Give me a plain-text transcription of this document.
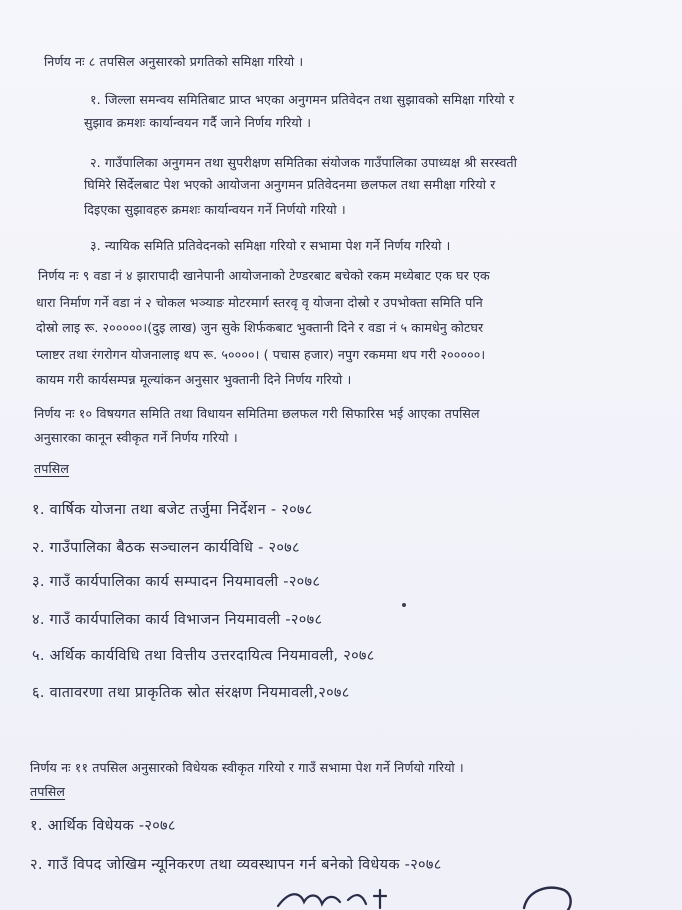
निर्णय नः ८ तपसिल अनुसारको प्रगतिको समिक्षा गरियो ।
१. जिल्ला समन्वय समितिबाट प्राप्त भएका अनुगमन प्रतिवेदन तथा सुझावको समिक्षा गरियो र
सुझाव क्रमशः कार्यान्वयन गर्दै जाने निर्णय गरियो ।
२. गाउँपालिका अनुगमन तथा सुपरीक्षण समितिका संयोजक गाउँपालिका उपाध्यक्ष श्री सरस्वती
घिमिरे सिर्देलबाट पेश भएको आयोजना अनुगमन प्रतिवेदनमा छलफल तथा समीक्षा गरियो र
दिइएका सुझावहरु क्रमशः कार्यान्वयन गर्ने निर्णयो गरियो ।
३. न्यायिक समिति प्रतिवेदनको समिक्षा गरियो र सभामा पेश गर्ने निर्णय गरियो ।
निर्णय नः ९ वडा नं ४ झारापादी खानेपानी आयोजनाको टेण्डरबाट बचेको रकम मध्येबाट एक घर एक
धारा निर्माण गर्ने वडा नं २ चोकल भञ्याङ मोटरमार्ग स्तरवृ वृ योजना दोस्रो र उपभोक्ता समिति पनि
दोस्रो लाइ रू. २०००००।(दुइ लाख) जुन सुके शिर्फकबाट भुक्तानी दिने र वडा नं ५ कामधेनु कोटघर
प्लाष्टर तथा रंगरोगन योजनालाइ थप रू. ५००००। ( पचास हजार) नपुग रकममा थप गरी २०००००।
कायम गरी कार्यसम्पन्न मूल्यांकन अनुसार भुक्तानी दिने निर्णय गरियो ।
निर्णय नः १० विषयगत समिति तथा विधायन समितिमा छलफल गरी सिफारिस भई आएका तपसिल
अनुसारका कानून स्वीकृत गर्ने निर्णय गरियो ।
तपसिल
१. वार्षिक योजना तथा बजेट तर्जुमा निर्देशन - २०७८
२. गाउँपालिका बैठक सञ्चालन कार्यविधि - २०७८
३. गाउँ कार्यपालिका कार्य सम्पादन नियमावली -२०७८
४. गाउँ कार्यपालिका कार्य विभाजन नियमावली -२०७८
५. अर्थिक कार्यविधि तथा वित्तीय उत्तरदायित्व नियमावली, २०७८
६. वातावरणा तथा प्राकृतिक स्रोत संरक्षण नियमावली,२०७८
निर्णय नः ११ तपसिल अनुसारको विधेयक स्वीकृत गरियो र गाउँ सभामा पेश गर्ने निर्णयो गरियो ।
तपसिल
१. आर्थिक विधेयक -२०७८
२. गाउँ विपद जोखिम न्यूनिकरण तथा व्यवस्थापन गर्न बनेको विधेयक -२०७८
